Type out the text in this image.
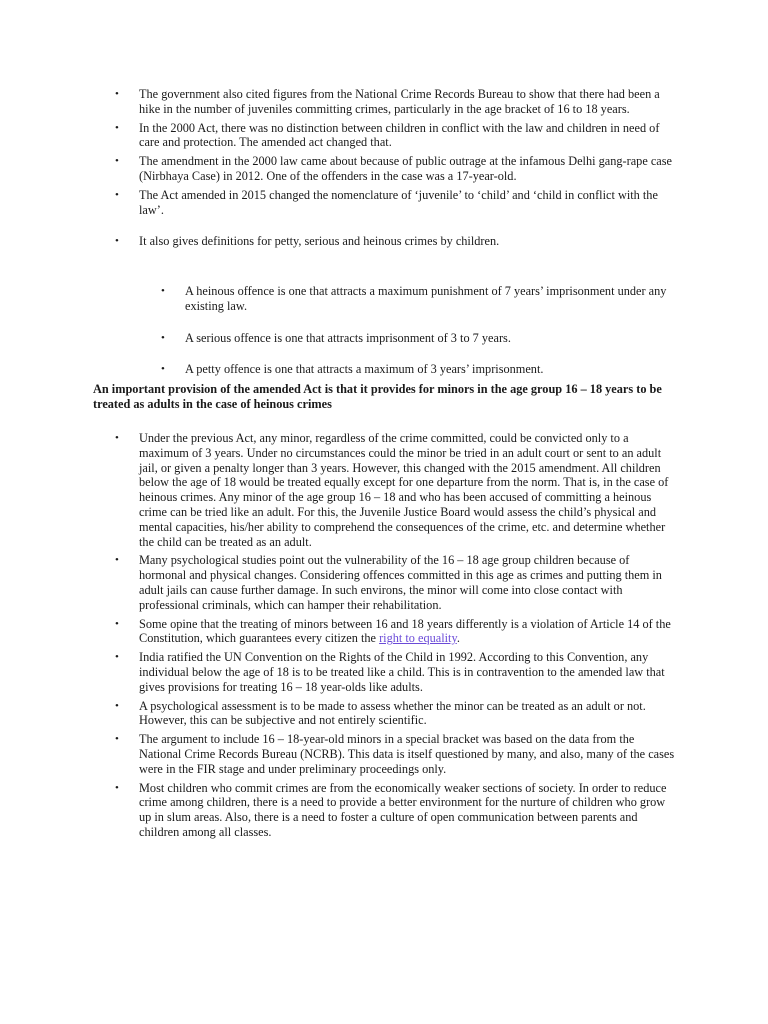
• The government also cited figures from the National Crime Records Bureau to show that there had been a hike in the number of juveniles committing crimes, particularly in the age bracket of 16 to 18 years.
• In the 2000 Act, there was no distinction between children in conflict with the law and children in need of care and protection. The amended act changed that.
• The amendment in the 2000 law came about because of public outrage at the infamous Delhi gang-rape case (Nirbhaya Case) in 2012. One of the offenders in the case was a 17-year-old.
• The Act amended in 2015 changed the nomenclature of ‘juvenile’ to ‘child’ and ‘child in conflict with the law’.
• It also gives definitions for petty, serious and heinous crimes by children.
• A heinous offence is one that attracts a maximum punishment of 7 years’ imprisonment under any existing law.
• A serious offence is one that attracts imprisonment of 3 to 7 years.
• A petty offence is one that attracts a maximum of 3 years’ imprisonment.

An important provision of the amended Act is that it provides for minors in the age group 16 – 18 years to be treated as adults in the case of heinous crimes

• Under the previous Act, any minor, regardless of the crime committed, could be convicted only to a maximum of 3 years. Under no circumstances could the minor be tried in an adult court or sent to an adult jail, or given a penalty longer than 3 years. However, this changed with the 2015 amendment. All children below the age of 18 would be treated equally except for one departure from the norm. That is, in the case of heinous crimes. Any minor of the age group 16 – 18 and who has been accused of committing a heinous crime can be tried like an adult. For this, the Juvenile Justice Board would assess the child’s physical and mental capacities, his/her ability to comprehend the consequences of the crime, etc. and determine whether the child can be treated as an adult.
• Many psychological studies point out the vulnerability of the 16 – 18 age group children because of hormonal and physical changes. Considering offences committed in this age as crimes and putting them in adult jails can cause further damage. In such environs, the minor will come into close contact with professional criminals, which can hamper their rehabilitation.
• Some opine that the treating of minors between 16 and 18 years differently is a violation of Article 14 of the Constitution, which guarantees every citizen the right to equality.
• India ratified the UN Convention on the Rights of the Child in 1992. According to this Convention, any individual below the age of 18 is to be treated like a child. This is in contravention to the amended law that gives provisions for treating 16 – 18 year-olds like adults.
• A psychological assessment is to be made to assess whether the minor can be treated as an adult or not. However, this can be subjective and not entirely scientific.
• The argument to include 16 – 18-year-old minors in a special bracket was based on the data from the National Crime Records Bureau (NCRB). This data is itself questioned by many, and also, many of the cases were in the FIR stage and under preliminary proceedings only.
• Most children who commit crimes are from the economically weaker sections of society. In order to reduce crime among children, there is a need to provide a better environment for the nurture of children who grow up in slum areas. Also, there is a need to foster a culture of open communication between parents and children among all classes.
